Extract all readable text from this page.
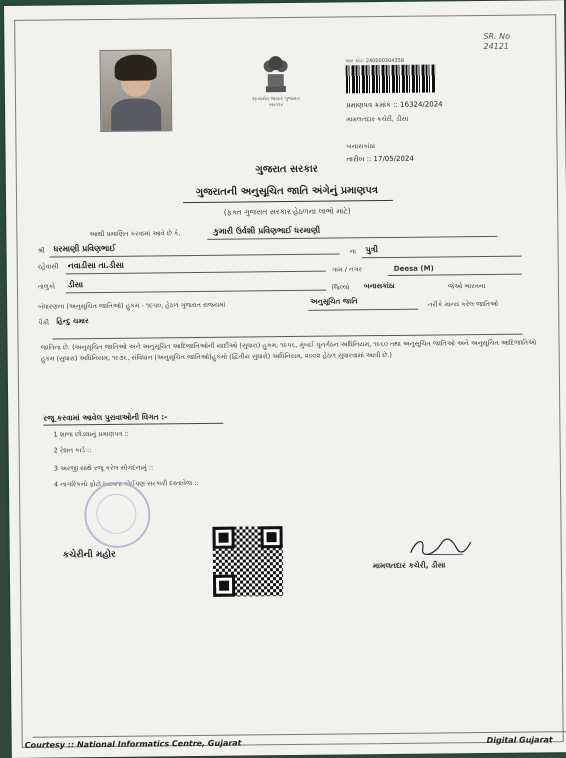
SR. No
24121
સત્યમેવ જયતે ગુજરાત સરકાર
બાર કોડ: 240000304358
પ્રમાણપત્ર ક્રમાંક :: 16324/2024
મામલતદાર કચેરી, ડીસા
બનાસકાંઠા
તારીખ :: 17/05/2024
ગુજરાત સરકાર
ગુજરાતની અનુસૂચિત જાતિ અંગેનું પ્રમાણપત્ર
(ફક્ત ગુજરાત સરકાર હેઠળના લાભો માટે)
આથી પ્રમાણિત કરવામાં આવે છે કે,	કુમારી ઉર્વશી પ્રવિણભાઈ ધરમાણી
શ્રી ધરમાણી પ્રવિણભાઈ	ના પુત્રી
રહેવાસી નવાડીસા તા.ડીસા	ગામ / નગર	Deesa (M)
તાલુકો ડીસા	જિલ્લો બનાસકાંઠા	જેઓ ભારતના
બંધારણના (અનુસૂચિત જાતિઓ) હુકમ - ૧૯૫૦, હેઠળ ગુજરાત રાજ્યમાં	અનુસૂચિત જાતિ	તરીકે માન્ય કરેલ જાતિઓ
પૈકી હિન્દુ ચમાર
જાતિના છે. (અનુસૂચિત જાતિઓ અને અનુસૂચિત આદિજાતિઓની યાદીઓ (સુધારા) હુકમ, ૧૯૫૬, મુંબઈ પુનર્ગઠન અધિનિયમ, ૧૯૬૦ તથા અનુસૂચિત જાતિઓ અને અનુસૂચિત આદિજાતિઓ હુકમ (સુધારા) અધિનિયમ, ૧૯૭૬, સંવિધાન (અનુસૂચિત જાતિઓ)હુકમો (દ્વિતીય સુધારો) અધિનિયમ, ૨૦૦૨ હેઠળ સુધારવામાં આવી છે.)
રજૂ કરવામાં આવેલ પુરાવાઓની વિગત :-
1 શાળા છોડ્યાનું પ્રમાણપત્ર ::
2 રેશન કાર્ડ ::
3 અરજી સાથે રજૂ કરેલ સોગંદનામું ::
4 નાગરિકનો ફોટો ધરાવતા કોઈપણ સરકારી દસ્તાવેજ ::
કચેરીની મહોર
મામલતદાર કચેરી, ડીસા
Courtesy :: National Informatics Centre, Gujarat	Digital Gujarat
